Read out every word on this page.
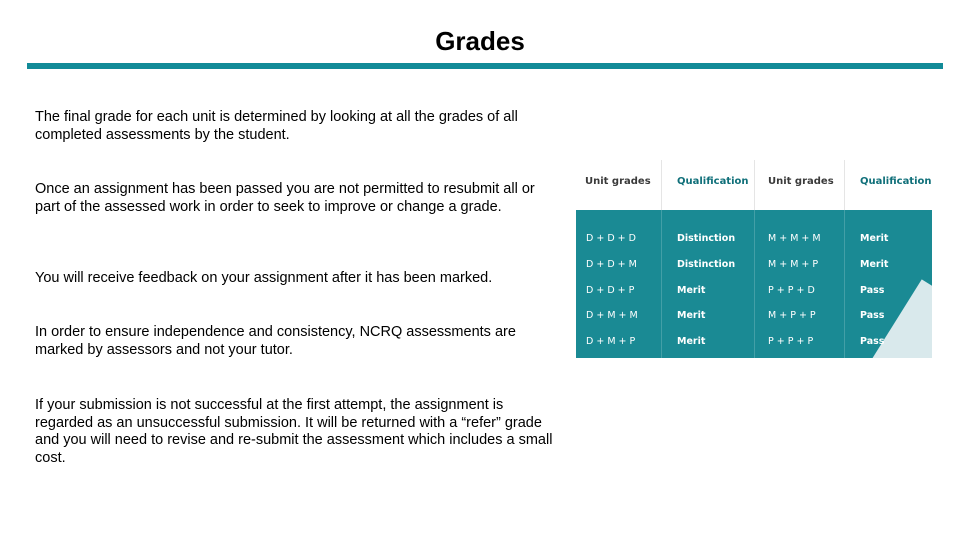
Grades

The final grade for each unit is determined by looking at all the grades of all completed assessments by the student.

Once an assignment has been passed you are not permitted to resubmit all or part of the assessed work in order to seek to improve or change a grade.

You will receive feedback on your assignment after it has been marked.

In order to ensure independence and consistency, NCRQ assessments are marked by assessors and not your tutor.

If your submission is not successful at the first attempt, the assignment is regarded as an unsuccessful submission. It will be returned with a “refer” grade and you will need to revise and re-submit the assessment which includes a small cost.

Unit grades	Qualification Unit grades	Qualification
D + D + D	Distinction	M + M + M	Merit
D + D + M	Distinction	M + M + P	Merit
D + D + P	Merit	P + P + D	Pass
D + M + M	Merit	M + P + P	Pass
D + M + P	Merit	P + P + P	Pass
